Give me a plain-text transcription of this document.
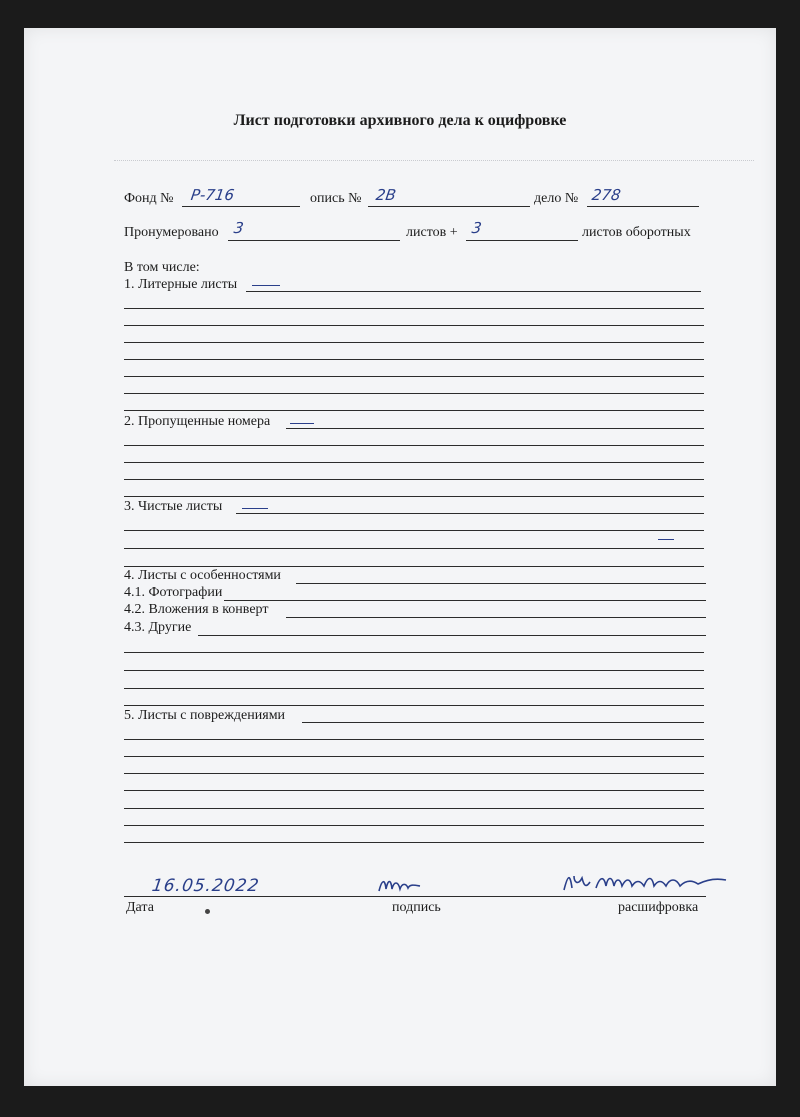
Лист подготовки архивного дела к оцифровке
Фонд № Р-716	опись № 2В	дело № 278
Пронумеровано 3	листов + 3	листов оборотных
В том числе:
1. Литерные листы
2. Пропущенные номера
3. Чистые листы
4. Листы с особенностями
4.1. Фотографии
4.2. Вложения в конверт
4.3. Другие
5. Листы с повреждениями
16.05.2022
Дата	подпись	расшифровка
